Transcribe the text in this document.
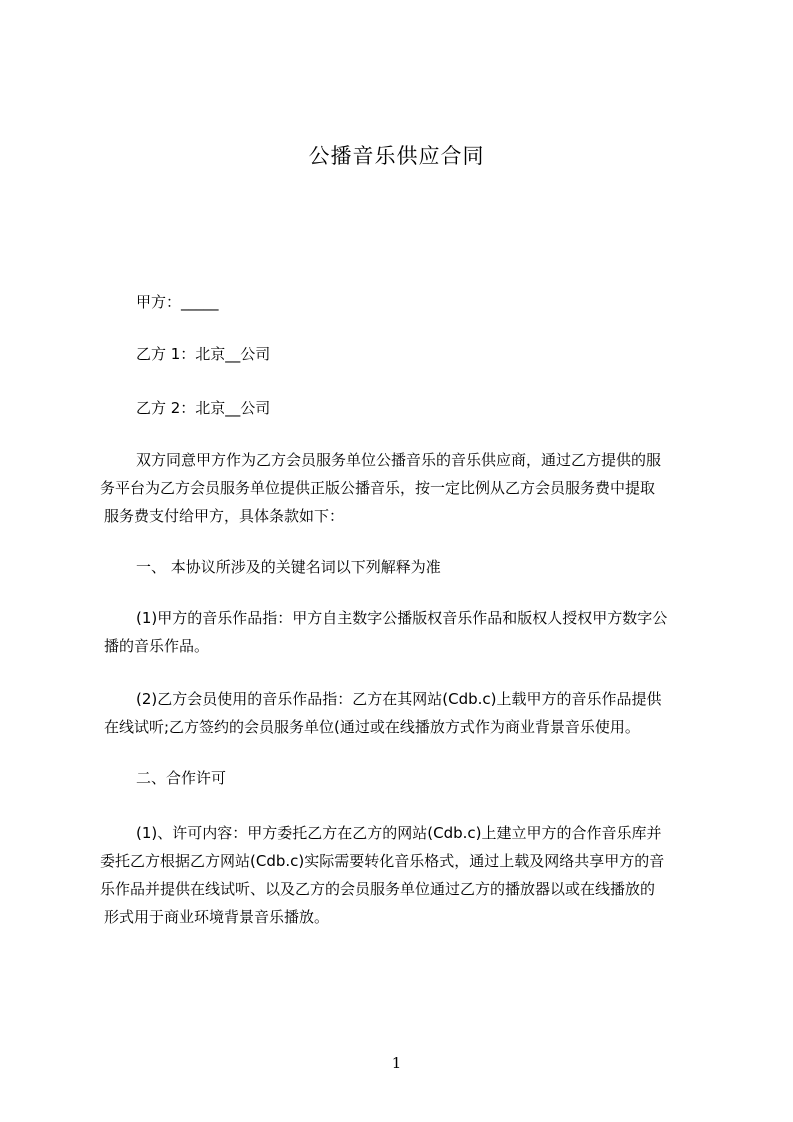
公播音乐供应合同
甲方：_____
乙方 1：北京__公司
乙方 2：北京__公司
双方同意甲方作为乙方会员服务单位公播音乐的音乐供应商，通过乙方提供的服
务平台为乙方会员服务单位提供正版公播音乐，按一定比例从乙方会员服务费中提取
服务费支付给甲方，具体条款如下：
一、 本协议所涉及的关键名词以下列解释为准
(1)甲方的音乐作品指：甲方自主数字公播版权音乐作品和版权人授权甲方数字公
播的音乐作品。
(2)乙方会员使用的音乐作品指：乙方在其网站(Cdb.c)上载甲方的音乐作品提供
在线试听;乙方签约的会员服务单位(通过或在线播放方式作为商业背景音乐使用。
二、合作许可
(1)、许可内容：甲方委托乙方在乙方的网站(Cdb.c)上建立甲方的合作音乐库并
委托乙方根据乙方网站(Cdb.c)实际需要转化音乐格式，通过上载及网络共享甲方的音
乐作品并提供在线试听、以及乙方的会员服务单位通过乙方的播放器以或在线播放的
形式用于商业环境背景音乐播放。
1
